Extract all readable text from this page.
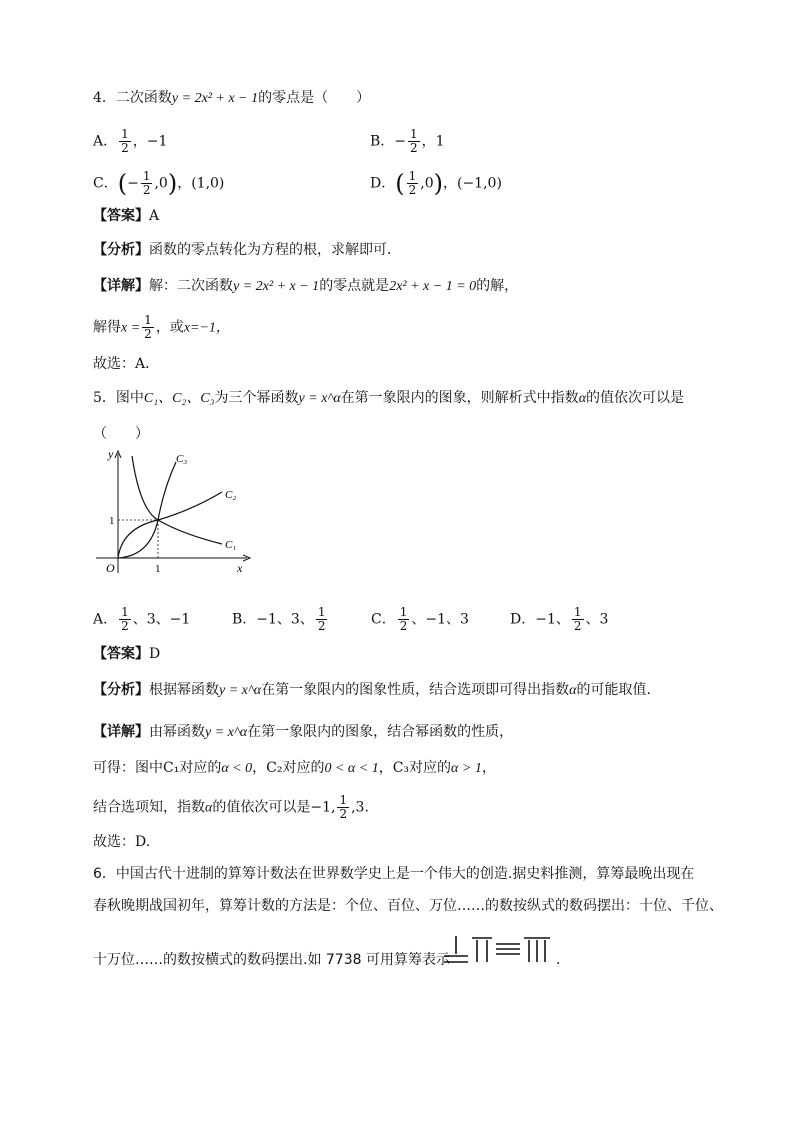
4．二次函数y = 2x² + x − 1的零点是（　　）
A． $\frac{1}{2}$ ，−1	B．− $\frac{1}{2}$ ，1
C．(− $\frac{1}{2} ,0$)，(1,0)	D．( $\frac{1}{2} ,0$)，(−1,0)
【答案】A
【分析】函数的零点转化为方程的根，求解即可．
【详解】解：二次函数y = 2x² + x − 1的零点就是2x² + x − 1 = 0的解，
解得$x = \frac{1}{2}$ ，或x=−1，
故选：A．
5．图中C₁、C₂、C₃为三个幂函数y = x^α在第一象限内的图象，则解析式中指数α的值依次可以是
（　　）
y
x
O	1
1
C₃
C₂
C₁
A． $\frac{1}{2}$ 、3、−1	B．−1、3、 $\frac{1}{2}$	C． $\frac{1}{2}$ 、−1、3	D．−1、 $\frac{1}{2}$ 、3
【答案】D
【分析】根据幂函数y = x^α在第一象限内的图象性质，结合选项即可得出指数α的可能取值．
【详解】由幂函数y = x^α在第一象限内的图象，结合幂函数的性质，
可得：图中C₁对应的α < 0，C₂对应的0 < α < 1，C₃对应的α > 1，
结合选项知，指数α的值依次可以是−1, $\frac{1}{2} ,3$.
故选：D.
6．中国古代十进制的算筹计数法在世界数学史上是一个伟大的创造.据史料推测，算筹最晚出现在
春秋晚期战国初年，算筹计数的方法是：个位、百位、万位……的数按纵式的数码摆出：十位、千位、
十万位……的数按横式的数码摆出.如 7738 可用算筹表示	.
